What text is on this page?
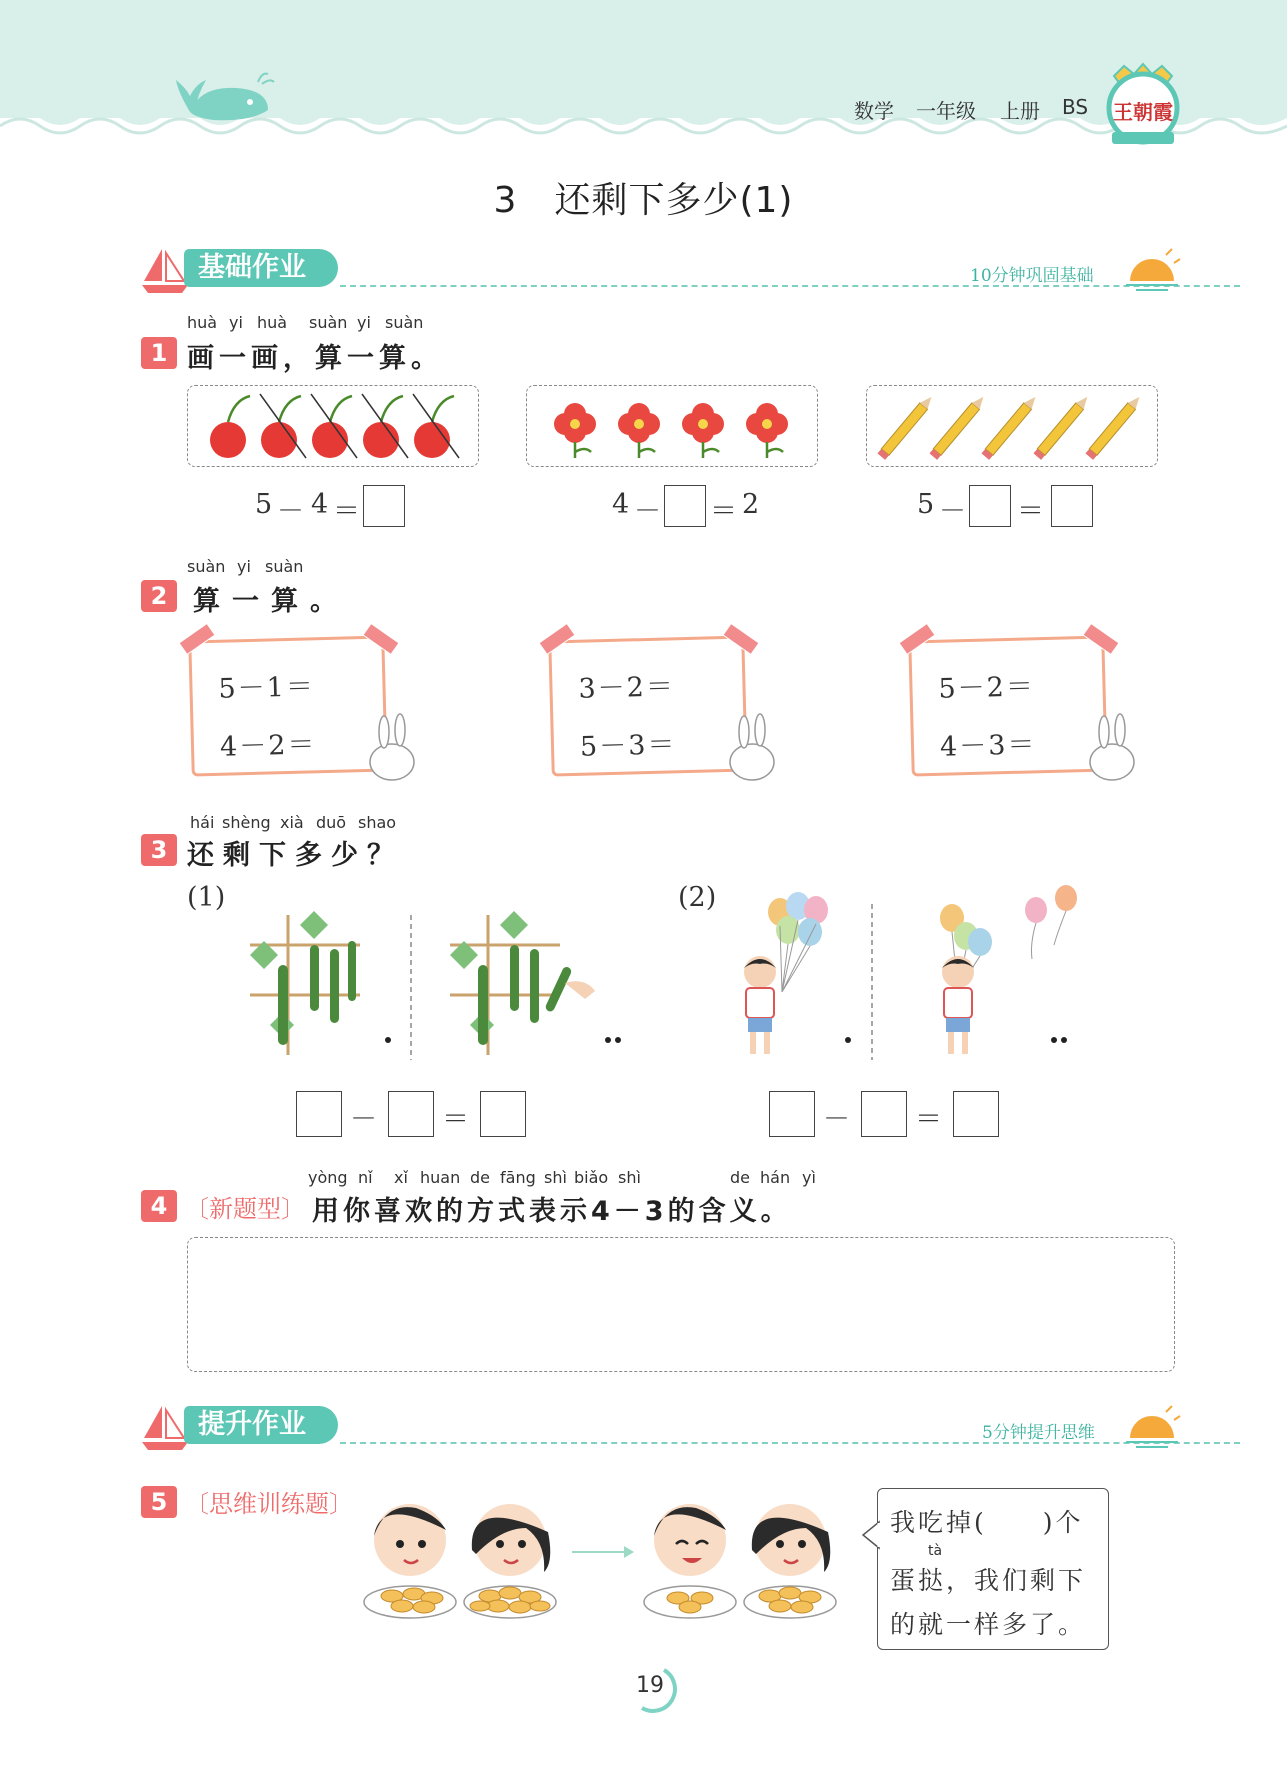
数学 一年级 上册 BS	王朝霞
3　还剩下多少(1)
基础作业	10分钟巩固基础
huà yi huà suàn yi suàn
1 画一画，算一算。
5 － 4 ＝	4 － ＝ 2	5 － ＝
suàn yi suàn
2 算一算。
5－1＝
4－2＝
3－2＝
5－3＝
5－2＝
4－3＝
hái shèng xià duō shao
3 还剩下多少？
(1)	(2)
－ ＝	－ ＝
yòng nǐ xǐ huan de fāng shì biǎo shì	de hán yì
4 〔新题型〕 用你喜欢的方式表示4－3的含义。
提升作业	5分钟提升思维
5 〔思维训练题〕
我吃掉(　　)个
tà
蛋挞，我们剩下
的就一样多了。
19
